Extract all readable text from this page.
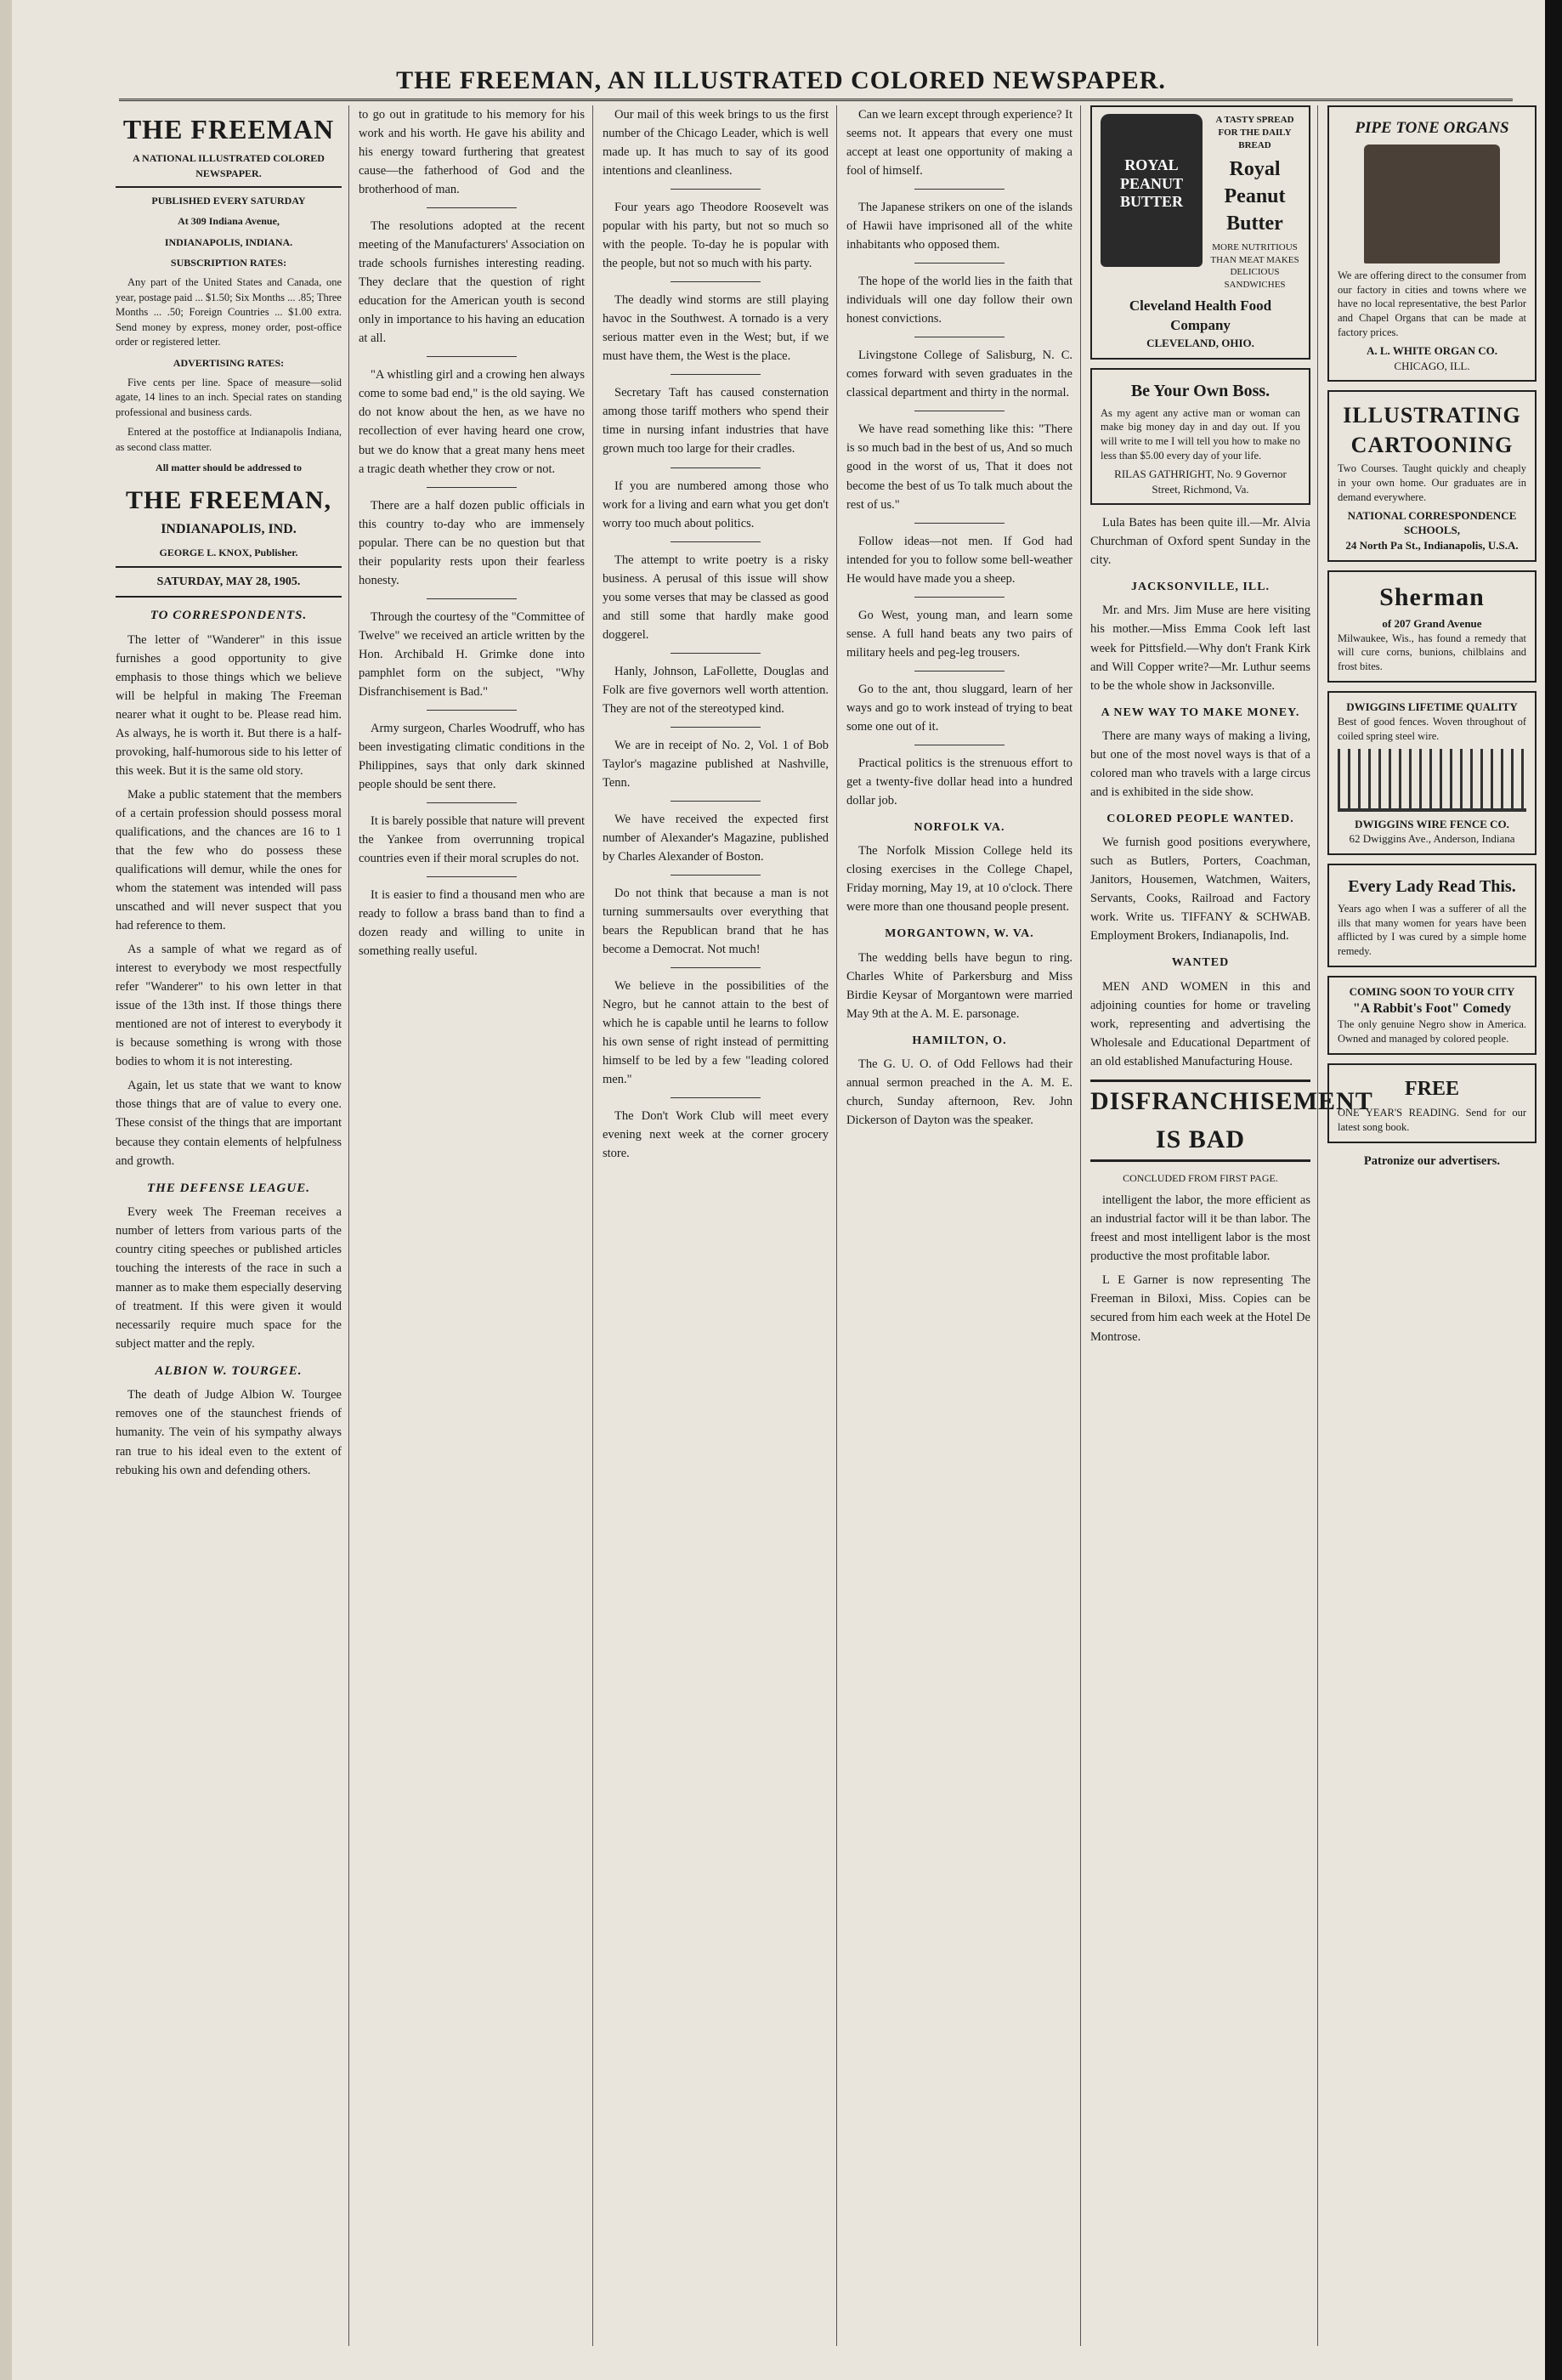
THE FREEMAN, AN ILLUSTRATED COLORED NEWSPAPER.
THE FREEMAN

A NATIONAL ILLUSTRATED COLORED NEWSPAPER.

PUBLISHED EVERY SATURDAY

At 309 Indiana Avenue,

INDIANAPOLIS, INDIANA.

SUBSCRIPTION RATES:

Any part of the United States and Canada, one year, postage paid ... $1.50; Six Months ... .85; Three Months ... .50; Foreign Countries ... $1.00 extra. Send money by express, money order, post-office order or registered letter.

ADVERTISING RATES:

Five cents per line. Space of measure—solid agate, 14 lines to an inch. Special rates on standing professional and business cards.

Entered at the postoffice at Indianapolis Indiana, as second class matter.

All matter should be addressed to

THE FREEMAN,

INDIANAPOLIS, IND.

GEORGE L. KNOX, Publisher.

SATURDAY, MAY 28, 1905.

TO CORRESPONDENTS.

The letter of "Wanderer" in this issue furnishes a good opportunity to give emphasis to those things which we believe will be helpful in making The Freeman nearer what it ought to be. Please read him. As always, he is worth it. But there is a half-provoking, half-humorous side to his letter of this week. But it is the same old story.

Make a public statement that the members of a certain profession should possess moral qualifications, and the chances are 16 to 1 that the few who do possess these qualifications will demur, while the ones for whom the statement was intended will pass unscathed and will never suspect that you had reference to them.

As a sample of what we regard as of interest to everybody we most respectfully refer "Wanderer" to his own letter in that issue of the 13th inst. If those things there mentioned are not of interest to everybody it is because something is wrong with those bodies to whom it is not interesting.

Again, let us state that we want to know those things that are of value to every one. These consist of the things that are important because they contain elements of helpfulness and growth.

THE DEFENSE LEAGUE.

Every week The Freeman receives a number of letters from various parts of the country citing speeches or published articles touching the interests of the race in such a manner as to make them especially deserving of treatment. If this were given it would necessarily require much space for the subject matter and the reply.

ALBION W. TOURGEE.

The death of Judge Albion W. Tourgee removes one of the staunchest friends of humanity. The vein of his sympathy always ran true to his ideal even to the extent of rebuking his own and defending others.

to go out in gratitude to his memory for his work and his worth. He gave his ability and his energy toward furthering that greatest cause—the fatherhood of God and the brotherhood of man.

The resolutions adopted at the recent meeting of the Manufacturers' Association on trade schools furnishes interesting reading. They declare that the question of right education for the American youth is second only in importance to his having an education at all.

"A whistling girl and a crowing hen always come to some bad end," is the old saying. We do not know about the hen, as we have no recollection of ever having heard one crow, but we do know that a great many hens meet a tragic death whether they crow or not.

There are a half dozen public officials in this country to-day who are immensely popular. There can be no question but that their popularity rests upon their fearless honesty.

Through the courtesy of the "Committee of Twelve" we received an article written by the Hon. Archibald H. Grimke done into pamphlet form on the subject, "Why Disfranchisement is Bad."

Army surgeon, Charles Woodruff, who has been investigating climatic conditions in the Philippines, says that only dark skinned people should be sent there.

It is barely possible that nature will prevent the Yankee from overrunning tropical countries even if their moral scruples do not.

It is easier to find a thousand men who are ready to follow a brass band than to find a dozen ready and willing to unite in something really useful.

Our mail of this week brings to us the first number of the Chicago Leader, which is well made up. It has much to say of its good intentions and cleanliness.

Four years ago Theodore Roosevelt was popular with his party, but not so much so with the people. To-day he is popular with the people, but not so much with his party.

The deadly wind storms are still playing havoc in the Southwest. A tornado is a very serious matter even in the West; but, if we must have them, the West is the place.

Secretary Taft has caused consternation among those tariff mothers who spend their time in nursing infant industries that have grown much too large for their cradles.

If you are numbered among those who work for a living and earn what you get don't worry too much about politics.

The attempt to write poetry is a risky business. A perusal of this issue will show you some verses that may be classed as good and still some that hardly make good doggerel.

Hanly, Johnson, LaFollette, Douglas and Folk are five governors well worth attention. They are not of the stereotyped kind.

We are in receipt of No. 2, Vol. 1 of Bob Taylor's magazine published at Nashville, Tenn.

We have received the expected first number of Alexander's Magazine, published by Charles Alexander of Boston.

Do not think that because a man is not turning summersaults over everything that bears the Republican brand that he has become a Democrat. Not much!

We believe in the possibilities of the Negro, but he cannot attain to the best of which he is capable until he learns to follow his own sense of right instead of permitting himself to be led by a few "leading colored men."

The Don't Work Club will meet every evening next week at the corner grocery store.

Can we learn except through experience? It seems not. It appears that every one must accept at least one opportunity of making a fool of himself.

The Japanese strikers on one of the islands of Hawii have imprisoned all of the white inhabitants who opposed them.

The hope of the world lies in the faith that individuals will one day follow their own honest convictions.

Livingstone College of Salisburg, N. C. comes forward with seven graduates in the classical department and thirty in the normal.

We have read something like this: "There is so much bad in the best of us, And so much good in the worst of us, That it does not become the best of us To talk much about the rest of us."

Follow ideas—not men. If God had intended for you to follow some bell-weather He would have made you a sheep.

Go West, young man, and learn some sense. A full hand beats any two pairs of military heels and peg-leg trousers.

Go to the ant, thou sluggard, learn of her ways and go to work instead of trying to beat some one out of it.

Practical politics is the strenuous effort to get a twenty-five dollar head into a hundred dollar job.

NORFOLK VA.

The Norfolk Mission College held its closing exercises in the College Chapel, Friday morning, May 19, at 10 o'clock. There were more than one thousand people present.

MORGANTOWN, W. VA.

The wedding bells have begun to ring. Charles White of Parkersburg and Miss Birdie Keysar of Morgantown were married May 9th at the A. M. E. parsonage.

HAMILTON, O.

The G. U. O. of Odd Fellows had their annual sermon preached in the A. M. E. church, Sunday afternoon, Rev. John Dickerson of Dayton was the speaker.

ROYAL PEANUT BUTTER
A TASTY SPREAD FOR THE DAILY BREAD
Royal Peanut Butter
MORE NUTRITIOUS THAN MEAT MAKES DELICIOUS SANDWICHES
Cleveland Health Food Company
CLEVELAND, OHIO.
Be Your Own Boss.
As my agent any active man or woman can make big money day in and day out. If you will write to me I will tell you how to make no less than $5.00 every day of your life.
RILAS GATHRIGHT, No. 9 Governor Street, Richmond, Va.

Lula Bates has been quite ill.—Mr. Alvia Churchman of Oxford spent Sunday in the city.

JACKSONVILLE, ILL.

Mr. and Mrs. Jim Muse are here visiting his mother.—Miss Emma Cook left last week for Pittsfield.—Why don't Frank Kirk and Will Copper write?—Mr. Luthur seems to be the whole show in Jacksonville.

A NEW WAY TO MAKE MONEY.

There are many ways of making a living, but one of the most novel ways is that of a colored man who travels with a large circus and is exhibited in the side show.

COLORED PEOPLE WANTED.

We furnish good positions everywhere, such as Butlers, Porters, Coachman, Janitors, Housemen, Watchmen, Waiters, Servants, Cooks, Railroad and Factory work. Write us. TIFFANY & SCHWAB. Employment Brokers, Indianapolis, Ind.

WANTED

MEN AND WOMEN in this and adjoining counties for home or traveling work, representing and advertising the Wholesale and Educational Department of an old established Manufacturing House.

DISFRANCHISEMENT IS BAD

CONCLUDED FROM FIRST PAGE.

intelligent the labor, the more efficient as an industrial factor will it be than labor. The freest and most intelligent labor is the most productive the most profitable labor.

L E Garner is now representing The Freeman in Biloxi, Miss. Copies can be secured from him each week at the Hotel De Montrose.

PIPE TONE ORGANS
We are offering direct to the consumer from our factory in cities and towns where we have no local representative, the best Parlor and Chapel Organs that can be made at factory prices.
A. L. WHITE ORGAN CO.
CHICAGO, ILL.
ILLUSTRATING CARTOONING
Two Courses. Taught quickly and cheaply in your own home. Our graduates are in demand everywhere.
NATIONAL CORRESPONDENCE SCHOOLS,
24 North Pa St., Indianapolis, U.S.A.
Sherman
of 207 Grand Avenue
Milwaukee, Wis., has found a remedy that will cure corns, bunions, chilblains and frost bites.
DWIGGINS LIFETIME QUALITY
Best of good fences. Woven throughout of coiled spring steel wire.
DWIGGINS WIRE FENCE CO.
62 Dwiggins Ave., Anderson, Indiana
Every Lady Read This.
Years ago when I was a sufferer of all the ills that many women for years have been afflicted by I was cured by a simple home remedy.
COMING SOON TO YOUR CITY
"A Rabbit's Foot" Comedy
The only genuine Negro show in America. Owned and managed by colored people.
FREE
ONE YEAR'S READING. Send for our latest song book.

Patronize our advertisers.
